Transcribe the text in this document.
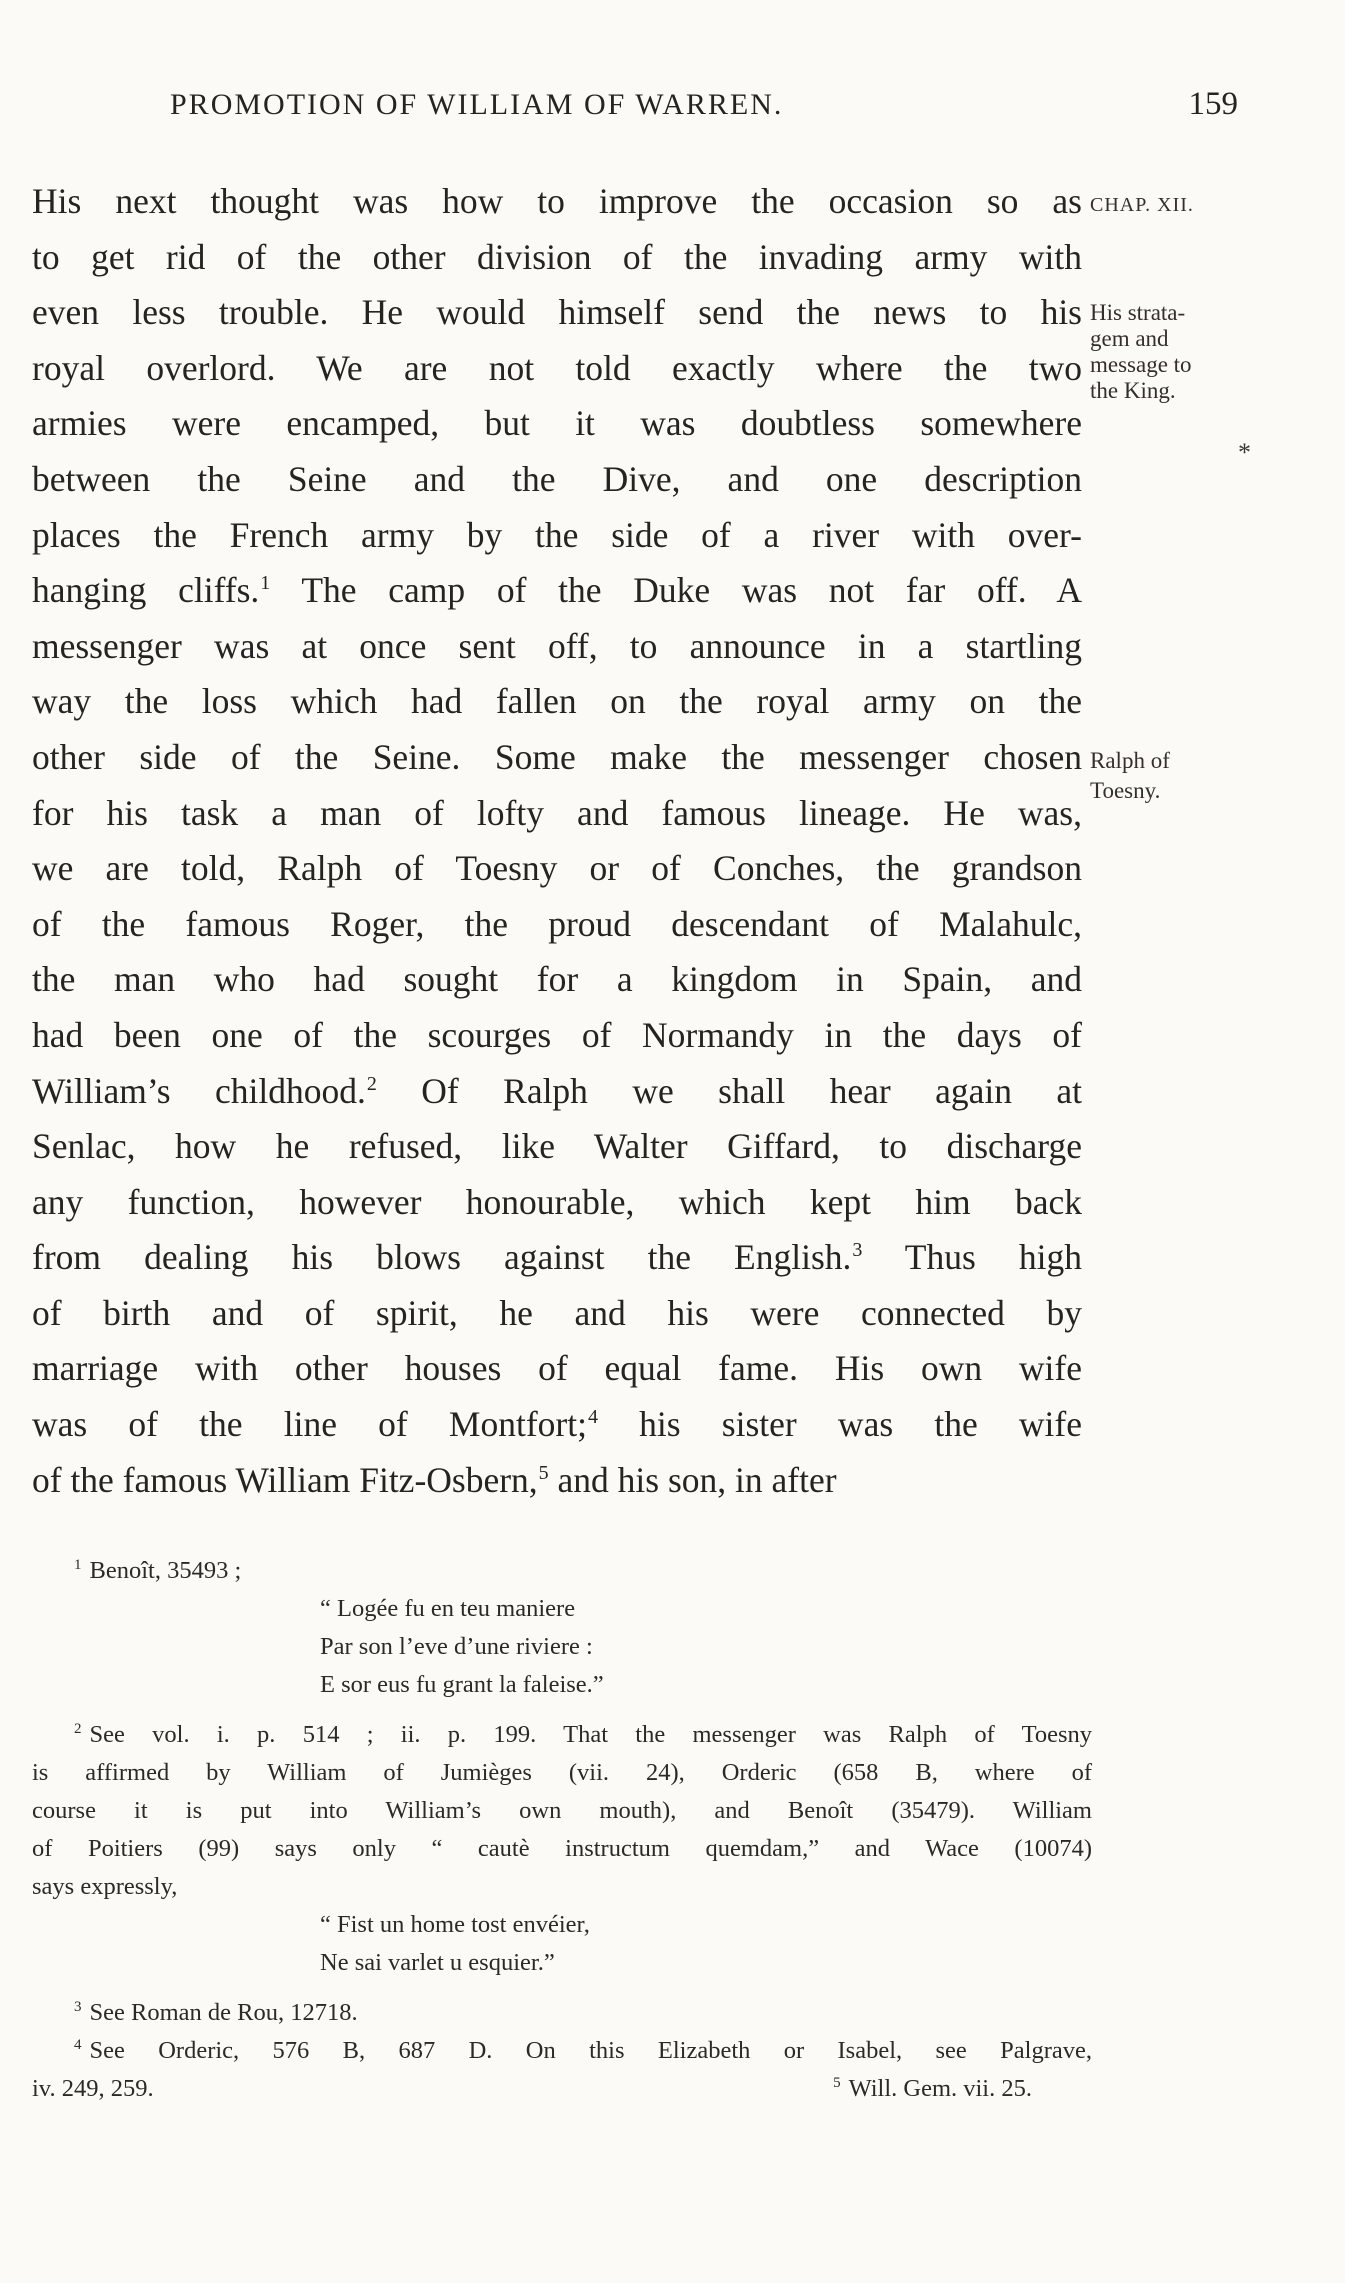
PROMOTION OF WILLIAM OF WARREN.	159
His next thought was how to improve the occasion so as
to get rid of the other division of the invading army with
even less trouble. He would himself send the news to his
royal overlord. We are not told exactly where the two
armies were encamped, but it was doubtless somewhere
between the Seine and the Dive, and one description
places the French army by the side of a river with over-
hanging cliffs.$^1$ The camp of the Duke was not far off. A
messenger was at once sent off, to announce in a startling
way the loss which had fallen on the royal army on the
other side of the Seine. Some make the messenger chosen
for his task a man of lofty and famous lineage. He was,
we are told, Ralph of Toesny or of Conches, the grandson
of the famous Roger, the proud descendant of Malahulc,
the man who had sought for a kingdom in Spain, and
had been one of the scourges of Normandy in the days of
William’s childhood.$^2$ Of Ralph we shall hear again at
Senlac, how he refused, like Walter Giffard, to discharge
any function, however honourable, which kept him back
from dealing his blows against the English.$^3$ Thus high
of birth and of spirit, he and his were connected by
marriage with other houses of equal fame. His own wife
was of the line of Montfort;$^4$ his sister was the wife
of the famous William Fitz-Osbern,$^5$ and his son, in after
CHAP. XII.
His strata-
gem and
message to
the King.
*
Ralph of
Toesny.
$^1$ Benoît, 35493 ;
“ Logée fu en teu maniere
Par son l’eve d’une riviere :
E sor eus fu grant la faleise.”
$^2$ See vol. i. p. 514 ; ii. p. 199. That the messenger was Ralph of Toesny
is affirmed by William of Jumièges (vii. 24), Orderic (658 B, where of
course it is put into William’s own mouth), and Benoît (35479). William
of Poitiers (99) says only “ cautè instructum quemdam,” and Wace (10074)
says expressly,
“ Fist un home tost envéier,
Ne sai varlet u esquier.”
$^3$ See Roman de Rou, 12718.
$^4$ See Orderic, 576 B, 687 D. On this Elizabeth or Isabel, see Palgrave,
iv. 249, 259.	$^5$ Will. Gem. vii. 25.
